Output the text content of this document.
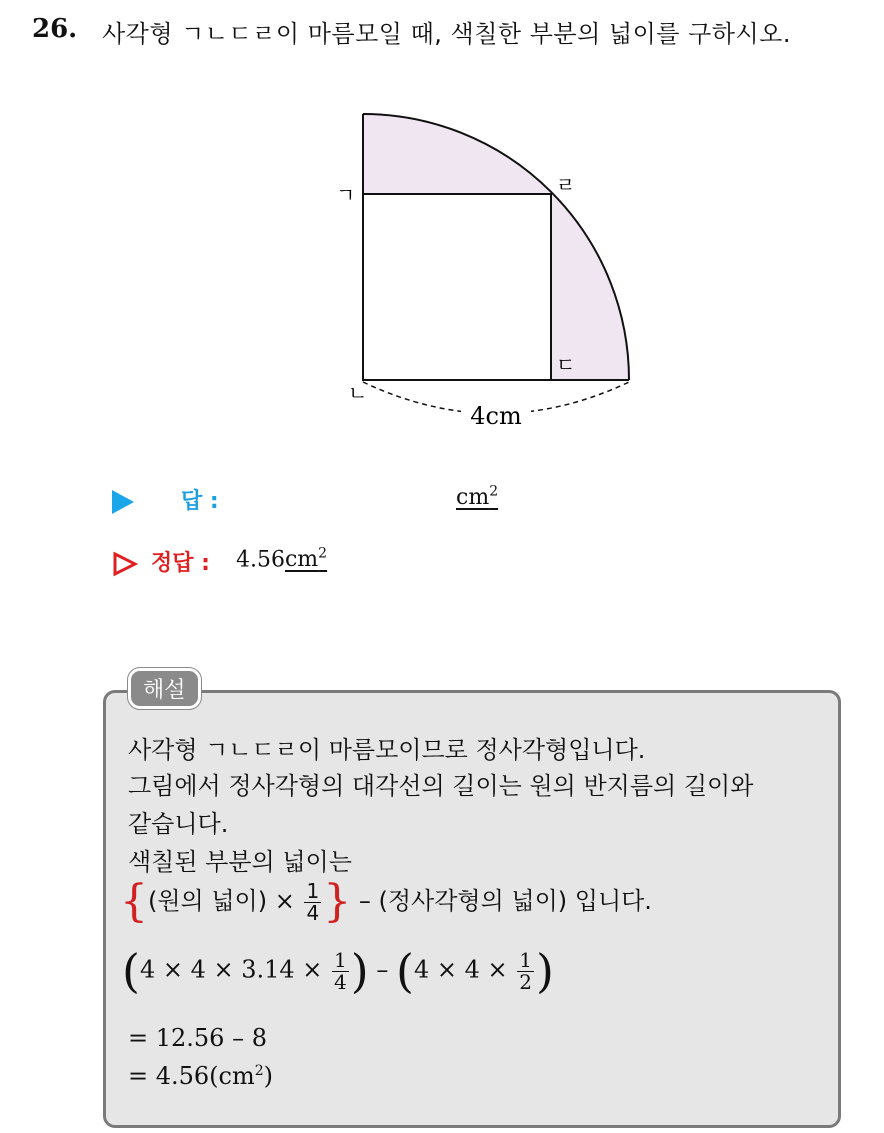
26. 사각형 ㄱㄴㄷㄹ이 마름모일 때, 색칠한 부분의 넓이를 구하시오.
4cm
ㄱ	ㄹ
ㄷ
ㄴ
답 :	$cm^2$
정답 : $4.56cm^2$
해설
사각형 ㄱㄴㄷㄹ이 마름모이므로 정사각형입니다.
그림에서 정사각형의 대각선의 길이는 원의 반지름의 길이와
같습니다.
색칠된 부분의 넓이는
{(원의 넓이) × $\frac{1}{4}$ } – (정사각형의 넓이) 입니다.
($4 \times 4 \times 3.14 \times \frac{1}{4}$ ) – ($4 \times 4 \times \frac{1}{2}$ )
= 12.56 – 8
= $4.56(cm^2)$
